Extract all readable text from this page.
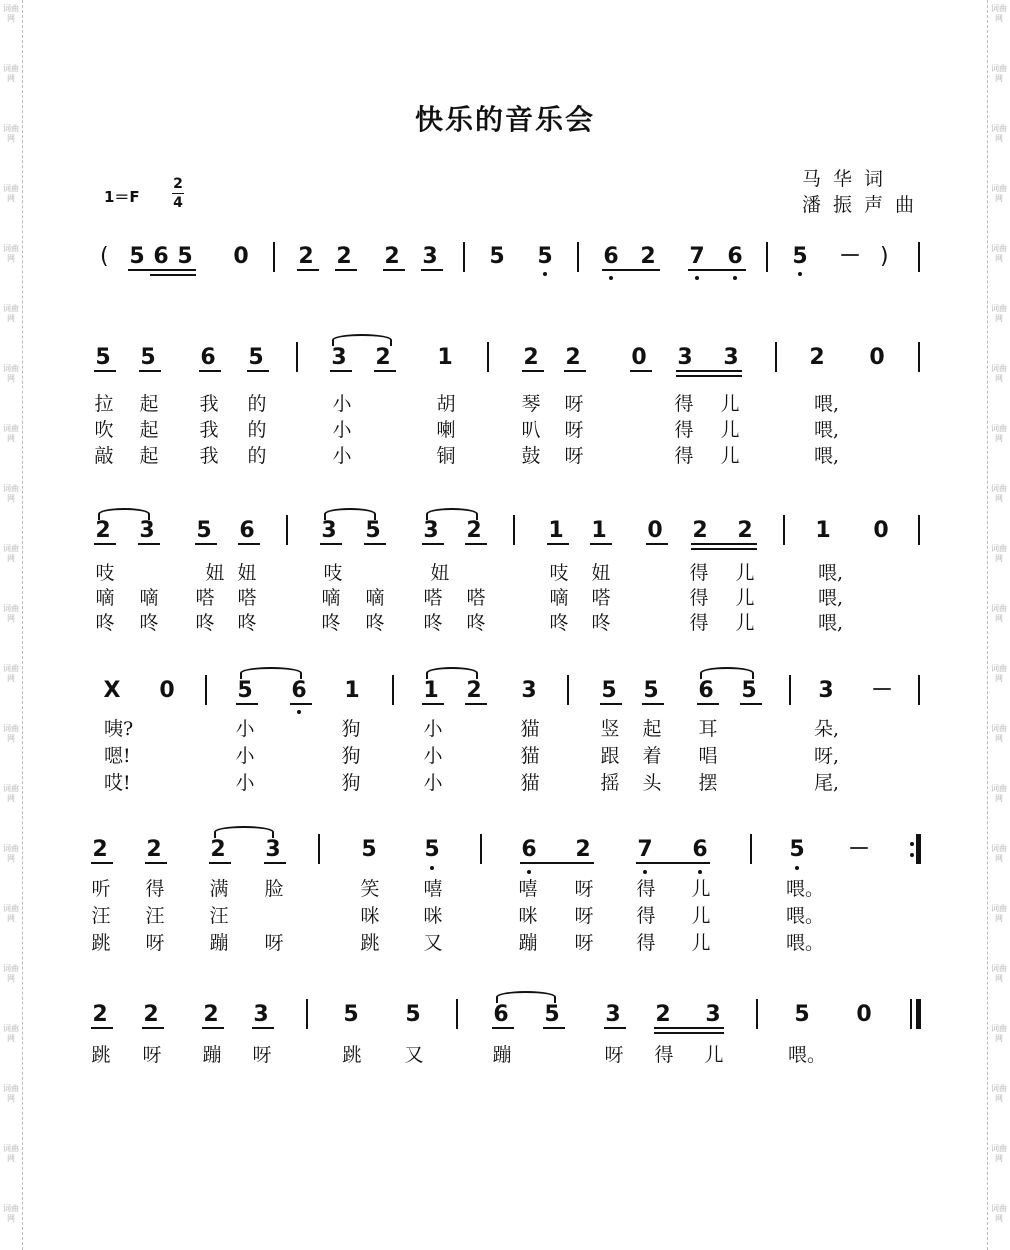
词曲网
词曲网
词曲网
词曲网
词曲网
词曲网
词曲网
词曲网
词曲网
词曲网
词曲网
词曲网
词曲网
词曲网
词曲网
词曲网
词曲网
词曲网
词曲网
词曲网
词曲网
词曲网
词曲网
词曲网
词曲网
词曲网
词曲网
词曲网
词曲网
词曲网
词曲网
词曲网
词曲网
词曲网
词曲网
词曲网
词曲网
词曲网
词曲网
词曲网
词曲网
词曲网
快乐的音乐会
马华词
潘振声曲
1＝F
2
4
( 5 6 5 0 2 2 2 3 5 5 6 2 7 6 5 － )
5 5 6 5	3 2 1	2 2 0 3 3	2 0
拉 起 我 的	小	胡	琴 呀	得 儿	喂,
吹 起 我 的	小	喇	叭 呀	得 儿	喂,
敲 起 我 的	小	铜	鼓 呀	得 儿	喂,
2 3 5 6	3 5 3 2	1 1 0 2 2	1 0
吱	妞 妞	吱	妞	吱 妞	得 儿	喂,
嘀 嘀 嗒 嗒	嘀 嘀 嗒 嗒	嘀 嗒	得 儿	喂,
咚 咚 咚 咚	咚 咚 咚 咚	咚 咚	得 儿	喂,
X 0	5 6 1	1 2 3	5 5 6 5	3 －
咦?	小	狗	小	猫	竖 起 耳	朵,
嗯!	小	狗	小	猫	跟 着 唱	呀,
哎!	小	狗	小	猫	摇 头 摆	尾,
2 2 2 3	5 5	6 2 7 6	5 －
听 得 满 脸	笑 嘻	嘻 呀 得 儿	喂。
汪 汪 汪	咪 咪	咪 呀 得 儿	喂。
跳 呀 蹦 呀	跳 又	蹦 呀 得 儿	喂。
2 2 2 3	5 5	6 5 3 2 3	5 0
跳 呀 蹦 呀	跳 又	蹦	呀 得 儿	喂。
